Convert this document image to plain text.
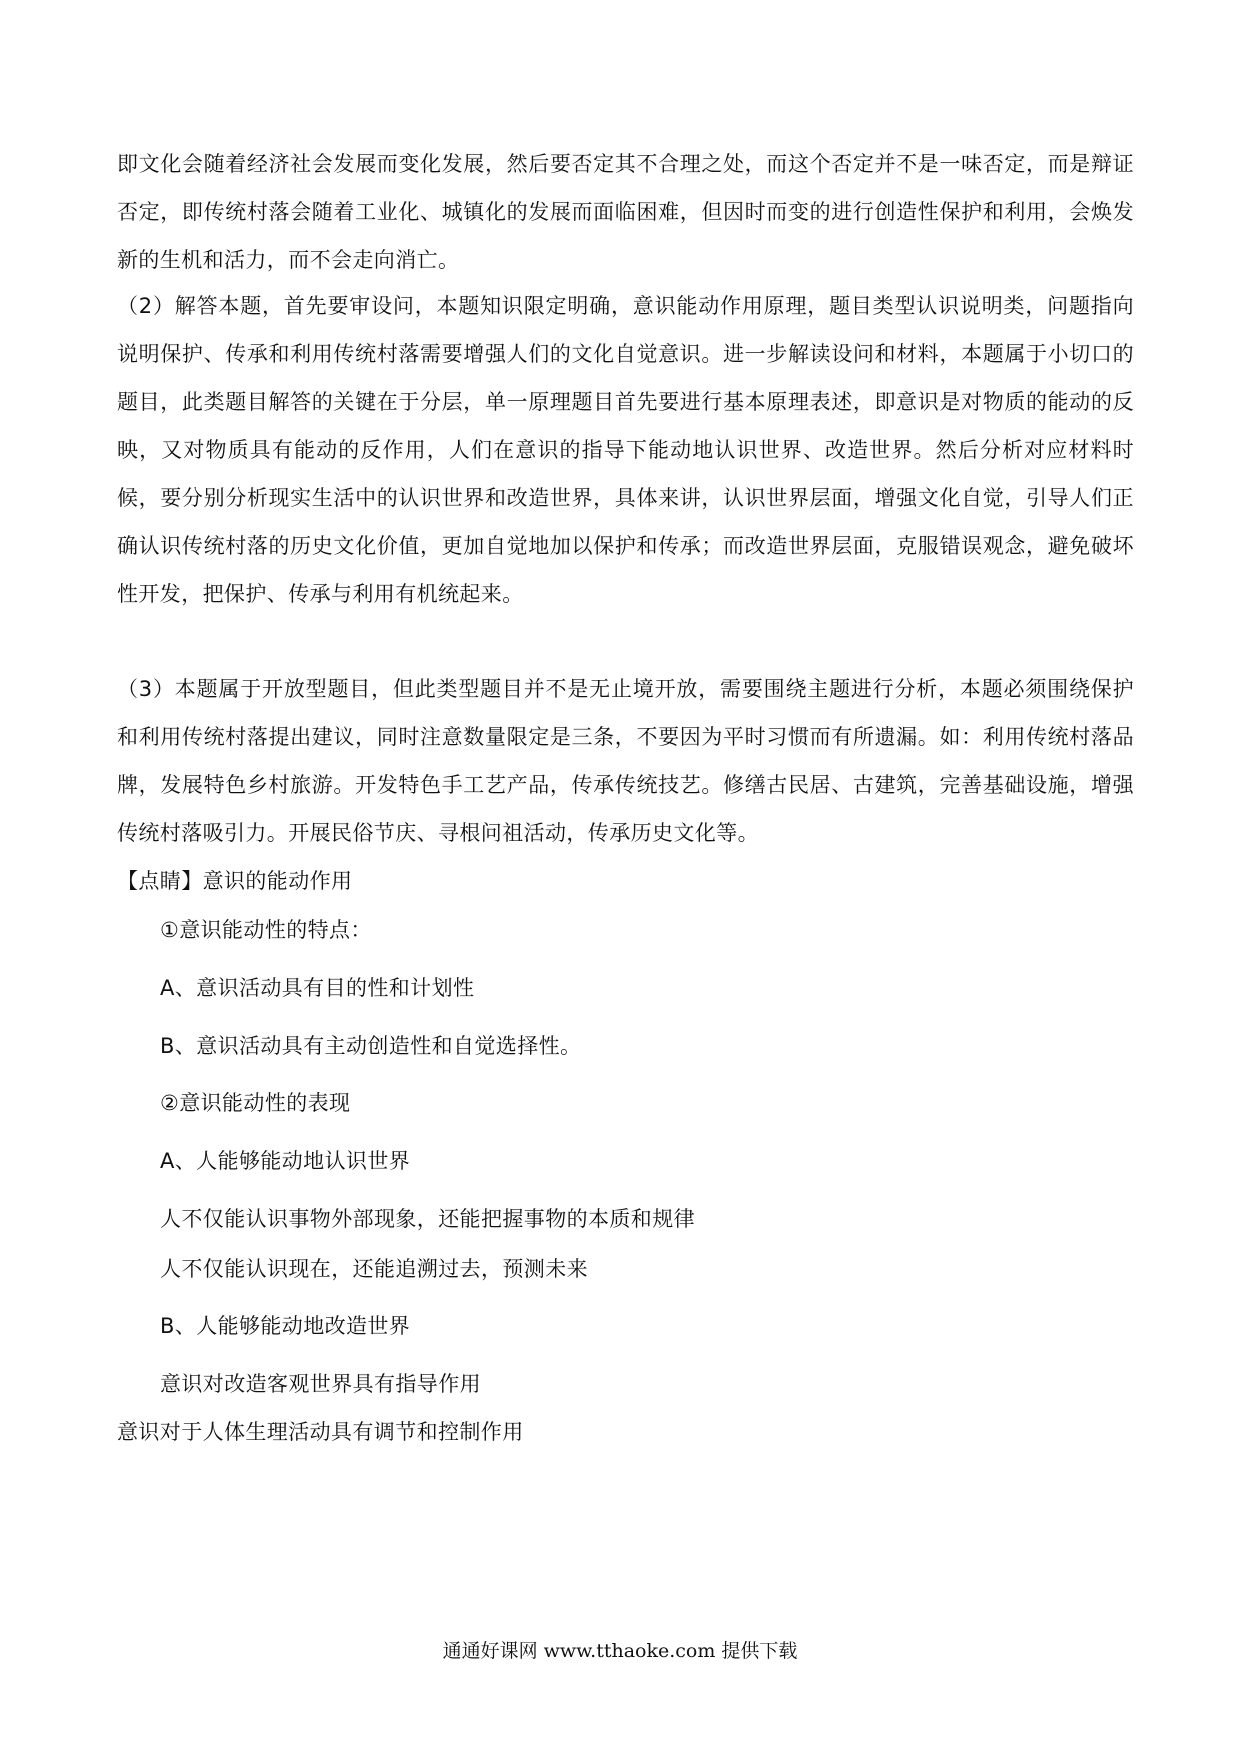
即文化会随着经济社会发展而变化发展，然后要否定其不合理之处，而这个否定并不是一味否定，而是辩证否定，即传统村落会随着工业化、城镇化的发展而面临困难，但因时而变的进行创造性保护和利用，会焕发新的生机和活力，而不会走向消亡。

（2）解答本题，首先要审设问，本题知识限定明确，意识能动作用原理，题目类型认识说明类，问题指向说明保护、传承和利用传统村落需要增强人们的文化自觉意识。进一步解读设问和材料，本题属于小切口的题目，此类题目解答的关键在于分层，单一原理题目首先要进行基本原理表述，即意识是对物质的能动的反映，又对物质具有能动的反作用，人们在意识的指导下能动地认识世界、改造世界。然后分析对应材料时候，要分别分析现实生活中的认识世界和改造世界，具体来讲，认识世界层面，增强文化自觉，引导人们正确认识传统村落的历史文化价值，更加自觉地加以保护和传承；而改造世界层面，克服错误观念，避免破坏性开发，把保护、传承与利用有机统起来。

（3）本题属于开放型题目，但此类型题目并不是无止境开放，需要围绕主题进行分析，本题必须围绕保护和利用传统村落提出建议，同时注意数量限定是三条，不要因为平时习惯而有所遗漏。如：利用传统村落品牌，发展特色乡村旅游。开发特色手工艺产品，传承传统技艺。修缮古民居、古建筑，完善基础设施，增强传统村落吸引力。开展民俗节庆、寻根问祖活动，传承历史文化等。

【点睛】意识的能动作用

①意识能动性的特点：

A、意识活动具有目的性和计划性

B、意识活动具有主动创造性和自觉选择性。

②意识能动性的表现

A、人能够能动地认识世界

人不仅能认识事物外部现象，还能把握事物的本质和规律

人不仅能认识现在，还能追溯过去，预测未来

B、人能够能动地改造世界

意识对改造客观世界具有指导作用

意识对于人体生理活动具有调节和控制作用

通通好课网 www.tthaoke.com 提供下载
